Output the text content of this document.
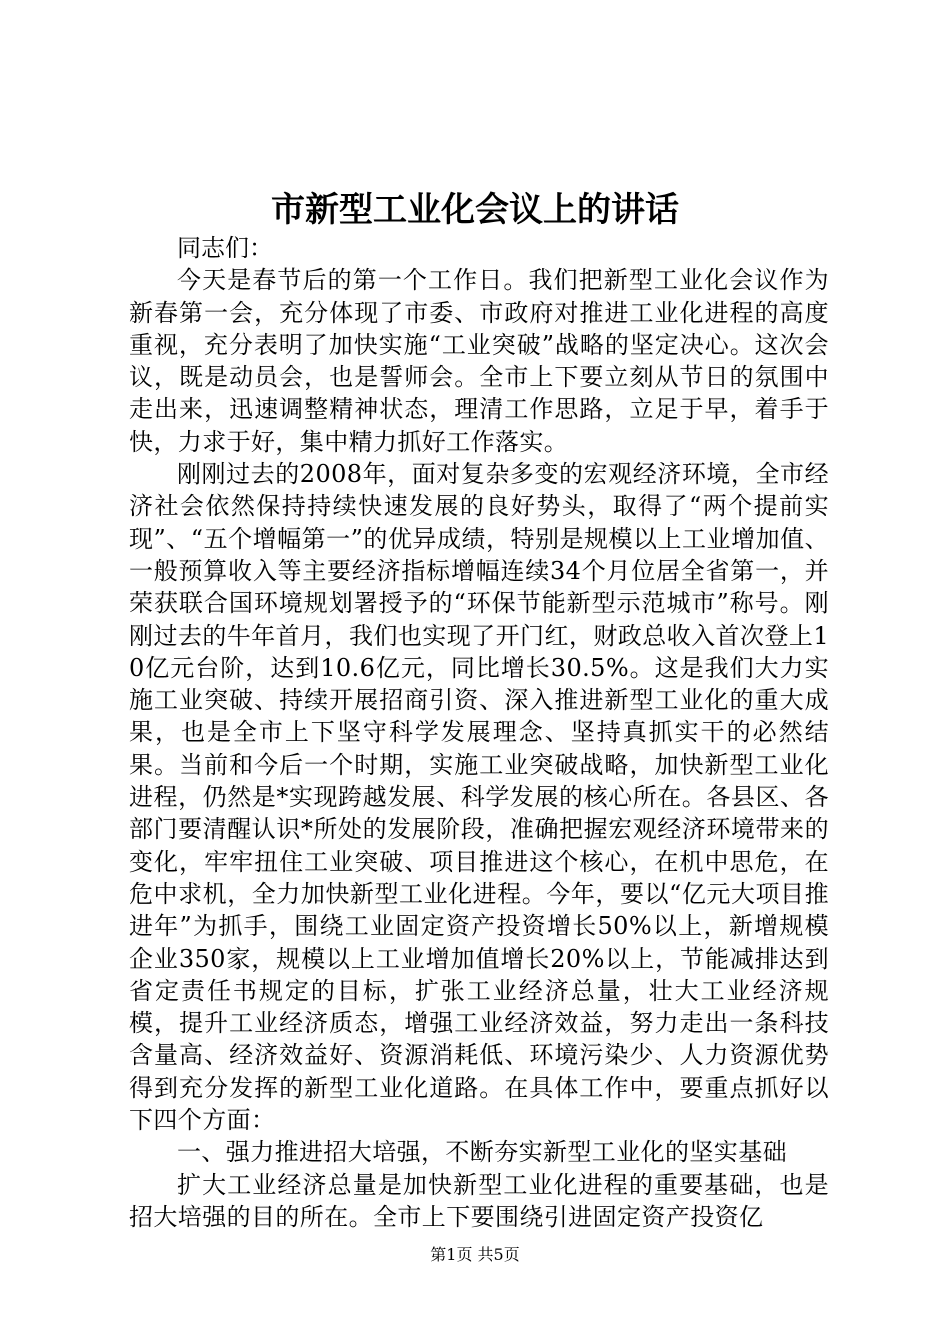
市新型工业化会议上的讲话

同志们：

今天是春节后的第一个工作日。我们把新型工业化会议作为新春第一会，充分体现了市委、市政府对推进工业化进程的高度重视，充分表明了加快实施“工业突破”战略的坚定决心。这次会议，既是动员会，也是誓师会。全市上下要立刻从节日的氛围中走出来，迅速调整精神状态，理清工作思路，立足于早，着手于快，力求于好，集中精力抓好工作落实。

刚刚过去的2008年，面对复杂多变的宏观经济环境，全市经济社会依然保持持续快速发展的良好势头，取得了“两个提前实现”、“五个增幅第一”的优异成绩，特别是规模以上工业增加值、一般预算收入等主要经济指标增幅连续34个月位居全省第一，并荣获联合国环境规划署授予的“环保节能新型示范城市”称号。刚刚过去的牛年首月，我们也实现了开门红，财政总收入首次登上10亿元台阶，达到10.6亿元，同比增长30.5%。这是我们大力实施工业突破、持续开展招商引资、深入推进新型工业化的重大成果，也是全市上下坚守科学发展理念、坚持真抓实干的必然结果。当前和今后一个时期，实施工业突破战略，加快新型工业化进程，仍然是*实现跨越发展、科学发展的核心所在。各县区、各部门要清醒认识*所处的发展阶段，准确把握宏观经济环境带来的变化，牢牢扭住工业突破、项目推进这个核心，在机中思危，在危中求机，全力加快新型工业化进程。今年，要以“亿元大项目推进年”为抓手，围绕工业固定资产投资增长50%以上，新增规模企业350家，规模以上工业增加值增长20%以上，节能减排达到省定责任书规定的目标，扩张工业经济总量，壮大工业经济规模，提升工业经济质态，增强工业经济效益，努力走出一条科技含量高、经济效益好、资源消耗低、环境污染少、人力资源优势得到充分发挥的新型工业化道路。在具体工作中，要重点抓好以下四个方面：

一、强力推进招大培强，不断夯实新型工业化的坚实基础

扩大工业经济总量是加快新型工业化进程的重要基础，也是招大培强的目的所在。全市上下要围绕引进固定资产投资亿

第1页 共5页
